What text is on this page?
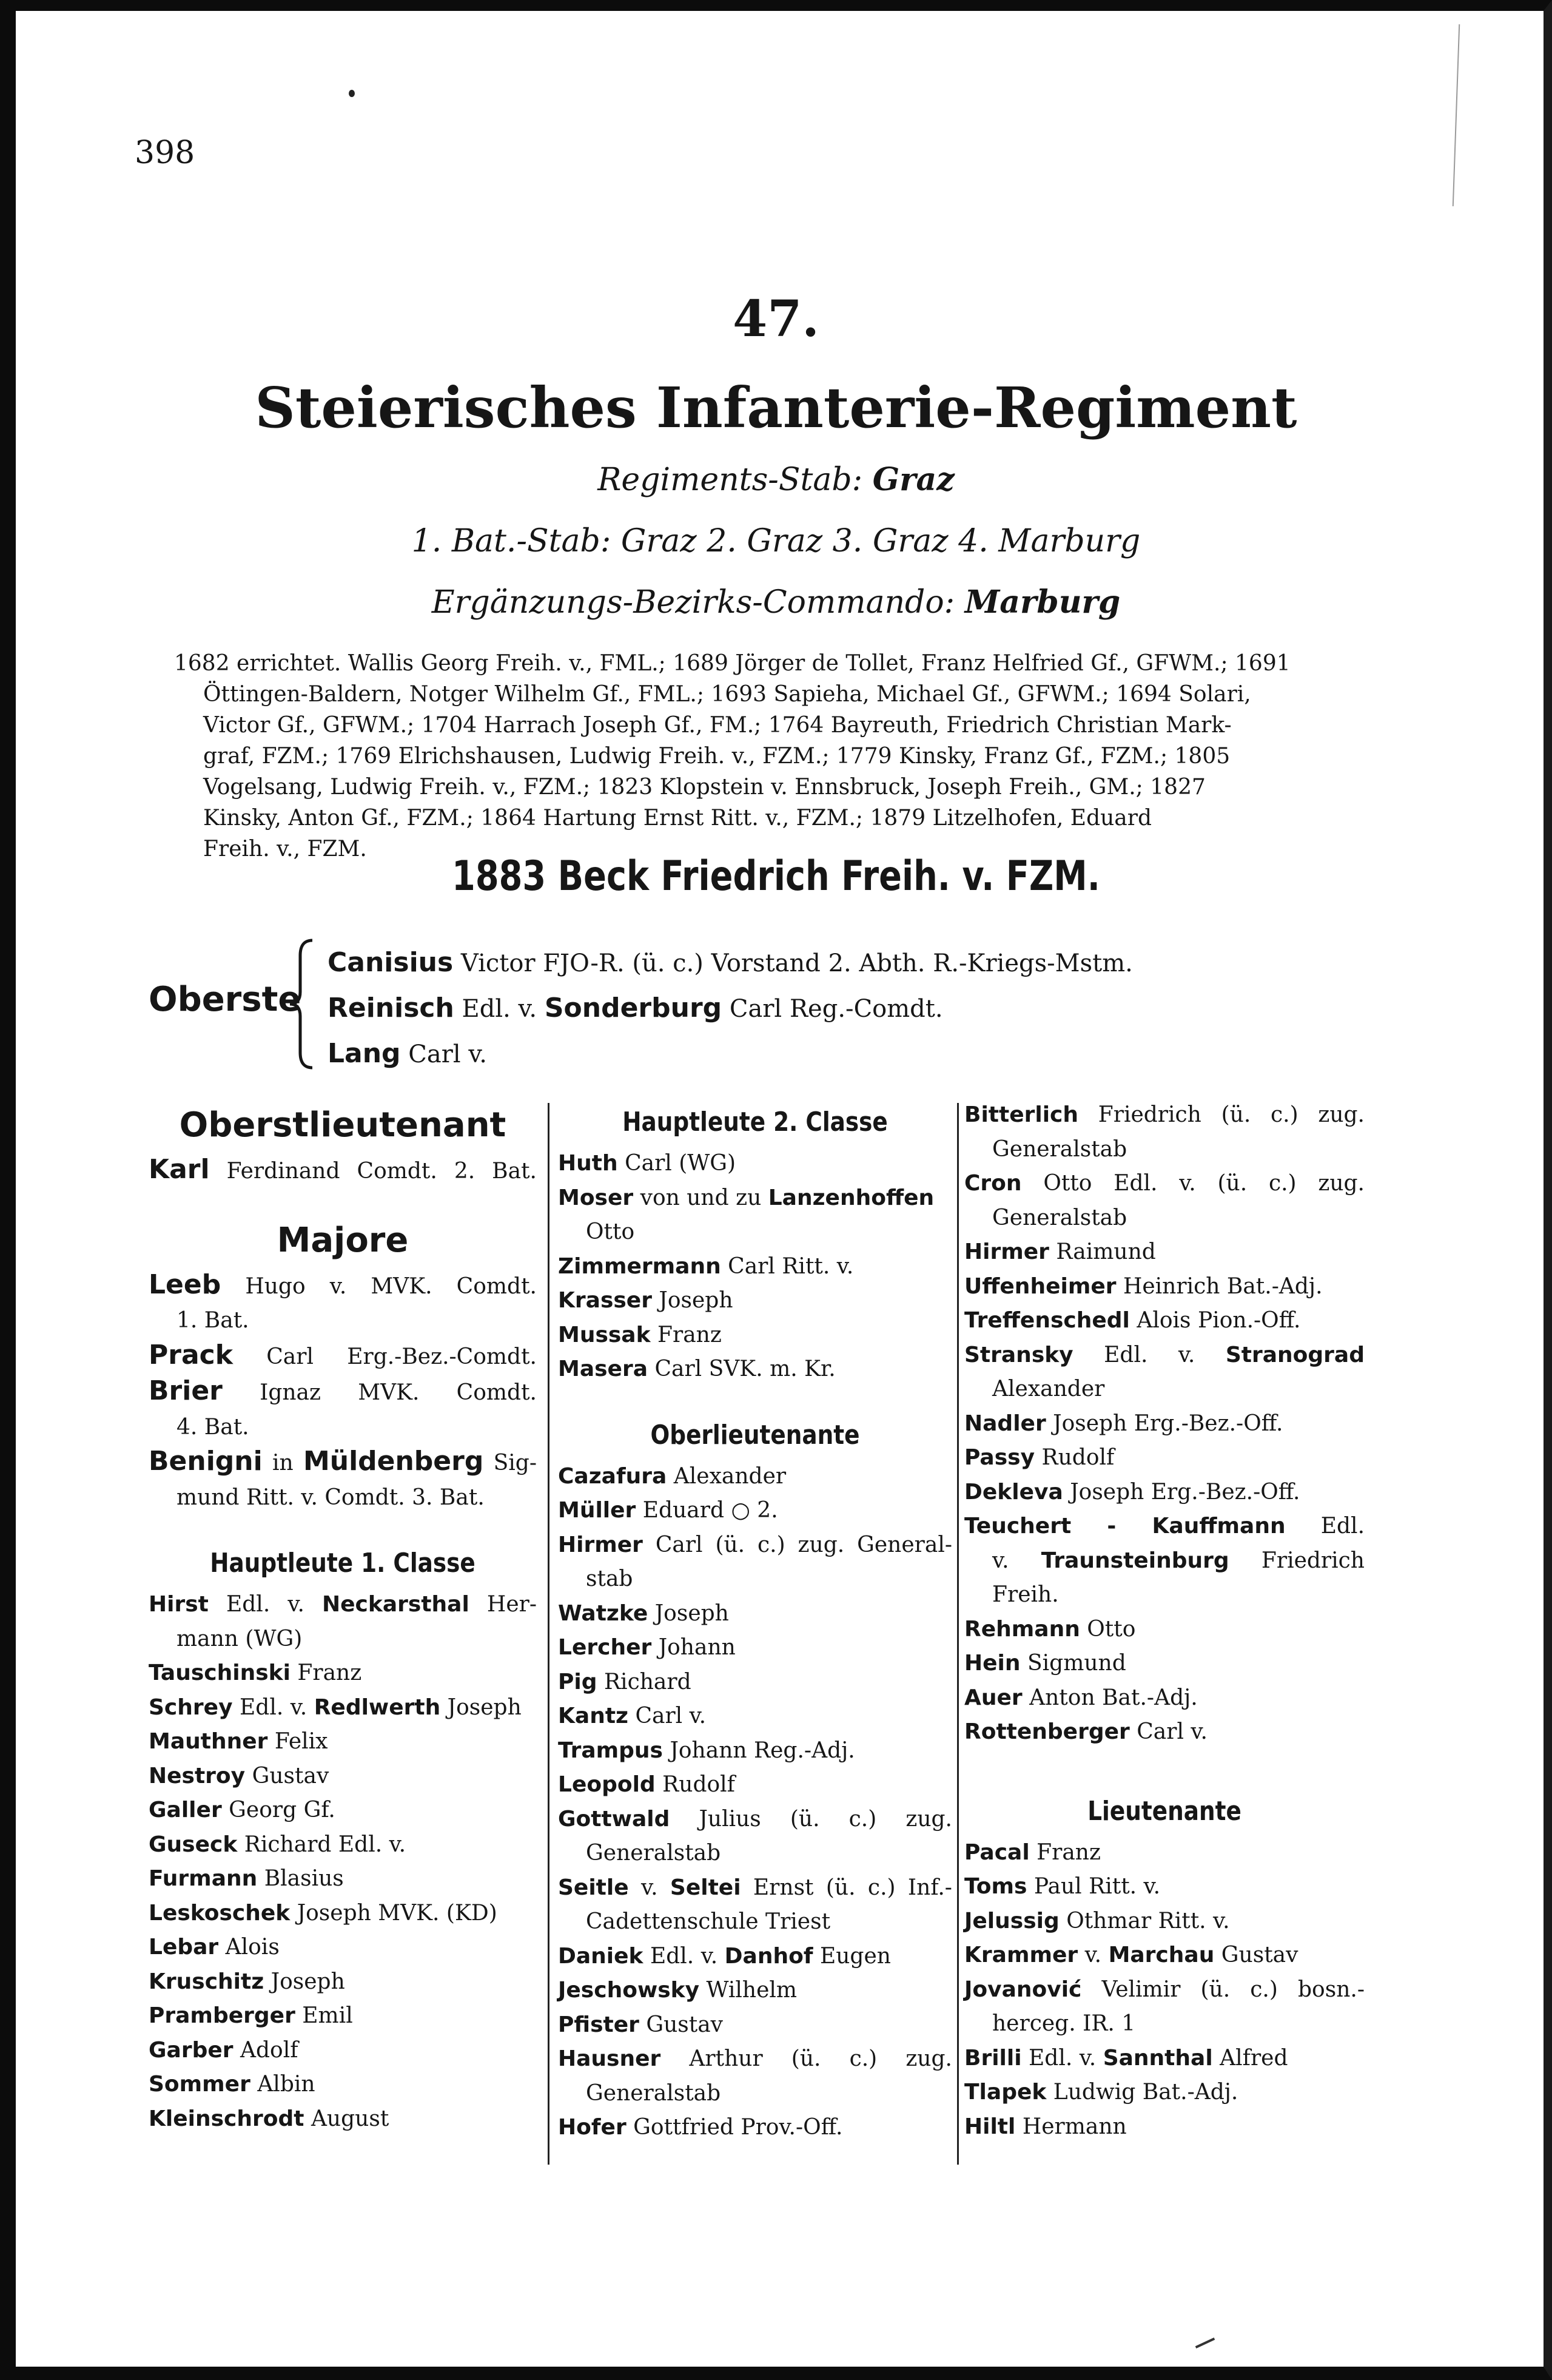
398
47.
Steierisches Infanterie-Regiment
Regiments-Stab: Graz
1. Bat.-Stab: Graz 2. Graz 3. Graz 4. Marburg
Ergänzungs-Bezirks-Commando: Marburg
1682 errichtet. Wallis Georg Freih. v., FML.; 1689 Jörger de Tollet, Franz Helfried Gf., GFWM.; 1691
Öttingen-Baldern, Notger Wilhelm Gf., FML.; 1693 Sapieha, Michael Gf., GFWM.; 1694 Solari,
Victor Gf., GFWM.; 1704 Harrach Joseph Gf., FM.; 1764 Bayreuth, Friedrich Christian Mark-
graf, FZM.; 1769 Elrichshausen, Ludwig Freih. v., FZM.; 1779 Kinsky, Franz Gf., FZM.; 1805
Vogelsang, Ludwig Freih. v., FZM.; 1823 Klopstein v. Ennsbruck, Joseph Freih., GM.; 1827
Kinsky, Anton Gf., FZM.; 1864 Hartung Ernst Ritt. v., FZM.; 1879 Litzelhofen, Eduard
Freih. v., FZM.
1883 Beck Friedrich Freih. v. FZM.
Oberste
Canisius Victor FJO-R. (ü. c.) Vorstand 2. Abth. R.-Kriegs-Mstm.
Reinisch Edl. v. Sonderburg Carl Reg.-Comdt.
Lang Carl v.
Oberstlieutenant
Karl Ferdinand Comdt. 2. Bat.
Majore
Leeb Hugo v. MVK. Comdt.
1. Bat.
Prack Carl Erg.-Bez.-Comdt.
Brier Ignaz MVK. Comdt.
4. Bat.
Benigni in Müldenberg Sig-
mund Ritt. v. Comdt. 3. Bat.
Hauptleute 1. Classe
Hirst Edl. v. Neckarsthal Her-
mann (WG)
Tauschinski Franz
Schrey Edl. v. Redlwerth Joseph
Mauthner Felix
Nestroy Gustav
Galler Georg Gf.
Guseck Richard Edl. v.
Furmann Blasius
Leskoschek Joseph MVK. (KD)
Lebar Alois
Kruschitz Joseph
Pramberger Emil
Garber Adolf
Sommer Albin
Kleinschrodt August
Hauptleute 2. Classe
Huth Carl (WG)
Moser von und zu Lanzenhoffen
Otto
Zimmermann Carl Ritt. v.
Krasser Joseph
Mussak Franz
Masera Carl SVK. m. Kr.
Oberlieutenante
Cazafura Alexander
Müller Eduard ○ 2.
Hirmer Carl (ü. c.) zug. General-
stab
Watzke Joseph
Lercher Johann
Pig Richard
Kantz Carl v.
Trampus Johann Reg.-Adj.
Leopold Rudolf
Gottwald Julius (ü. c.) zug.
Generalstab
Seitle v. Seltei Ernst (ü. c.) Inf.-
Cadettenschule Triest
Daniek Edl. v. Danhof Eugen
Jeschowsky Wilhelm
Pfister Gustav
Hausner Arthur (ü. c.) zug.
Generalstab
Hofer Gottfried Prov.-Off.
Bitterlich Friedrich (ü. c.) zug.
Generalstab
Cron Otto Edl. v. (ü. c.) zug.
Generalstab
Hirmer Raimund
Uffenheimer Heinrich Bat.-Adj.
Treffenschedl Alois Pion.-Off.
Stransky Edl. v. Stranograd
Alexander
Nadler Joseph Erg.-Bez.-Off.
Passy Rudolf
Dekleva Joseph Erg.-Bez.-Off.
Teuchert - Kauffmann Edl.
v. Traunsteinburg Friedrich
Freih.
Rehmann Otto
Hein Sigmund
Auer Anton Bat.-Adj.
Rottenberger Carl v.
Lieutenante
Pacal Franz
Toms Paul Ritt. v.
Jelussig Othmar Ritt. v.
Krammer v. Marchau Gustav
Jovanović Velimir (ü. c.) bosn.-
herceg. IR. 1
Brilli Edl. v. Sannthal Alfred
Tlapek Ludwig Bat.-Adj.
Hiltl Hermann
